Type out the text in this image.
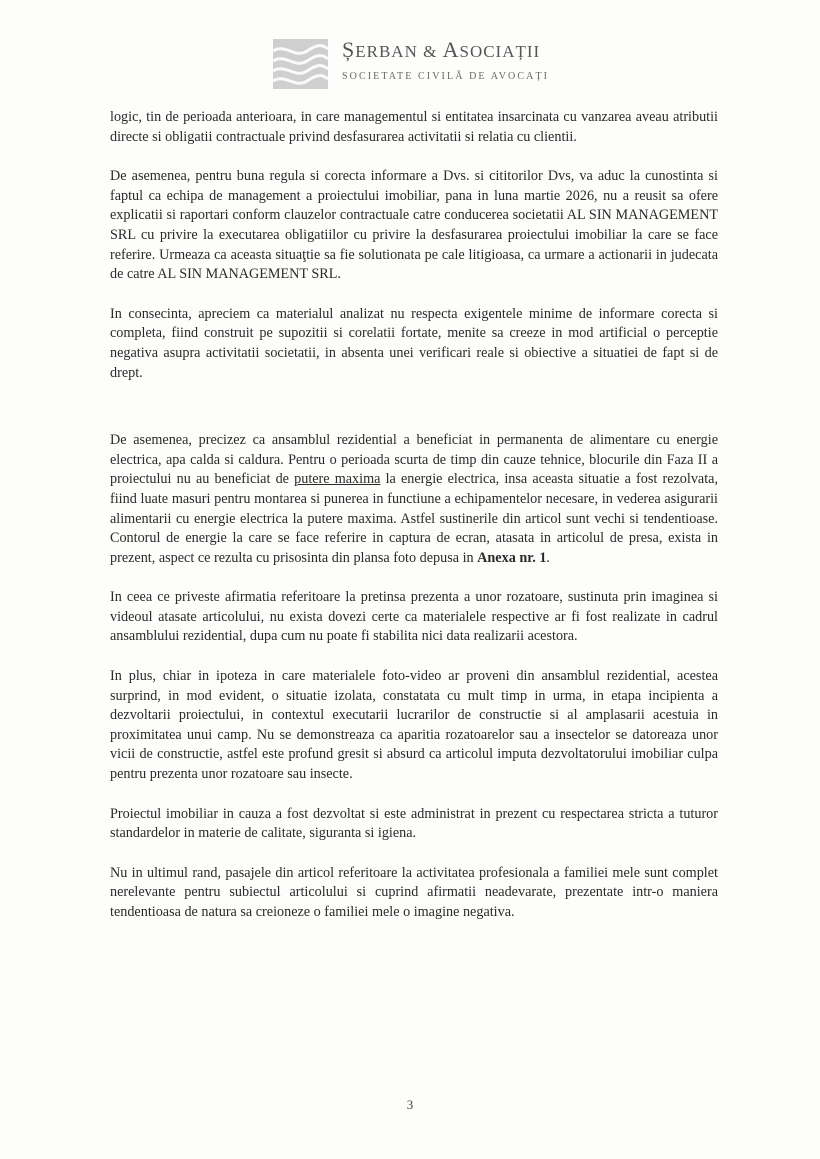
ȘERBAN & ASOCIAȚII
SOCIETATE CIVILĂ DE AVOCAȚI

logic, tin de perioada anterioara, in care managementul si entitatea insarcinata cu vanzarea aveau atributii directe si obligatii contractuale privind desfasurarea activitatii si relatia cu clientii.

De asemenea, pentru buna regula si corecta informare a Dvs. si cititorilor Dvs, va aduc la cunostinta si faptul ca echipa de management a proiectului imobiliar, pana in luna martie 2026, nu a reusit sa ofere explicatii si raportari conform clauzelor contractuale catre conducerea societatii AL SIN MANAGEMENT SRL cu privire la executarea obligatiilor cu privire la desfasurarea proiectului imobiliar la care se face referire. Urmeaza ca aceasta situaţtie sa fie solutionata pe cale litigioasa, ca urmare a actionarii in judecata de catre AL SIN MANAGEMENT SRL.

In consecinta, apreciem ca materialul analizat nu respecta exigentele minime de informare corecta si completa, fiind construit pe supozitii si corelatii fortate, menite sa creeze in mod artificial o perceptie negativa asupra activitatii societatii, in absenta unei verificari reale si obiective a situatiei de fapt si de drept.

De asemenea, precizez ca ansamblul rezidential a beneficiat in permanenta de alimentare cu energie electrica, apa calda si caldura. Pentru o perioada scurta de timp din cauze tehnice, blocurile din Faza II a proiectului nu au beneficiat de putere maxima la energie electrica, insa aceasta situatie a fost rezolvata, fiind luate masuri pentru montarea si punerea in functiune a echipamentelor necesare, in vederea asigurarii alimentarii cu energie electrica la putere maxima. Astfel sustinerile din articol sunt vechi si tendentioase. Contorul de energie la care se face referire in captura de ecran, atasata in articolul de presa, exista in prezent, aspect ce rezulta cu prisosinta din plansa foto depusa in Anexa nr. 1.

In ceea ce priveste afirmatia referitoare la pretinsa prezenta a unor rozatoare, sustinuta prin imaginea si videoul atasate articolului, nu exista dovezi certe ca materialele respective ar fi fost realizate in cadrul ansamblului rezidential, dupa cum nu poate fi stabilita nici data realizarii acestora.

In plus, chiar in ipoteza in care materialele foto-video ar proveni din ansamblul rezidential, acestea surprind, in mod evident, o situatie izolata, constatata cu mult timp in urma, in etapa incipienta a dezvoltarii proiectului, in contextul executarii lucrarilor de constructie si al amplasarii acestuia in proximitatea unui camp. Nu se demonstreaza ca aparitia rozatoarelor sau a insectelor se datoreaza unor vicii de constructie, astfel este profund gresit si absurd ca articolul imputa dezvoltatorului imobiliar culpa pentru prezenta unor rozatoare sau insecte.

Proiectul imobiliar in cauza a fost dezvoltat si este administrat in prezent cu respectarea stricta a tuturor standardelor in materie de calitate, siguranta si igiena.

Nu in ultimul rand, pasajele din articol referitoare la activitatea profesionala a familiei mele sunt complet nerelevante pentru subiectul articolului si cuprind afirmatii neadevarate, prezentate intr-o maniera tendentioasa de natura sa creioneze o familiei mele o imagine negativa.

3
